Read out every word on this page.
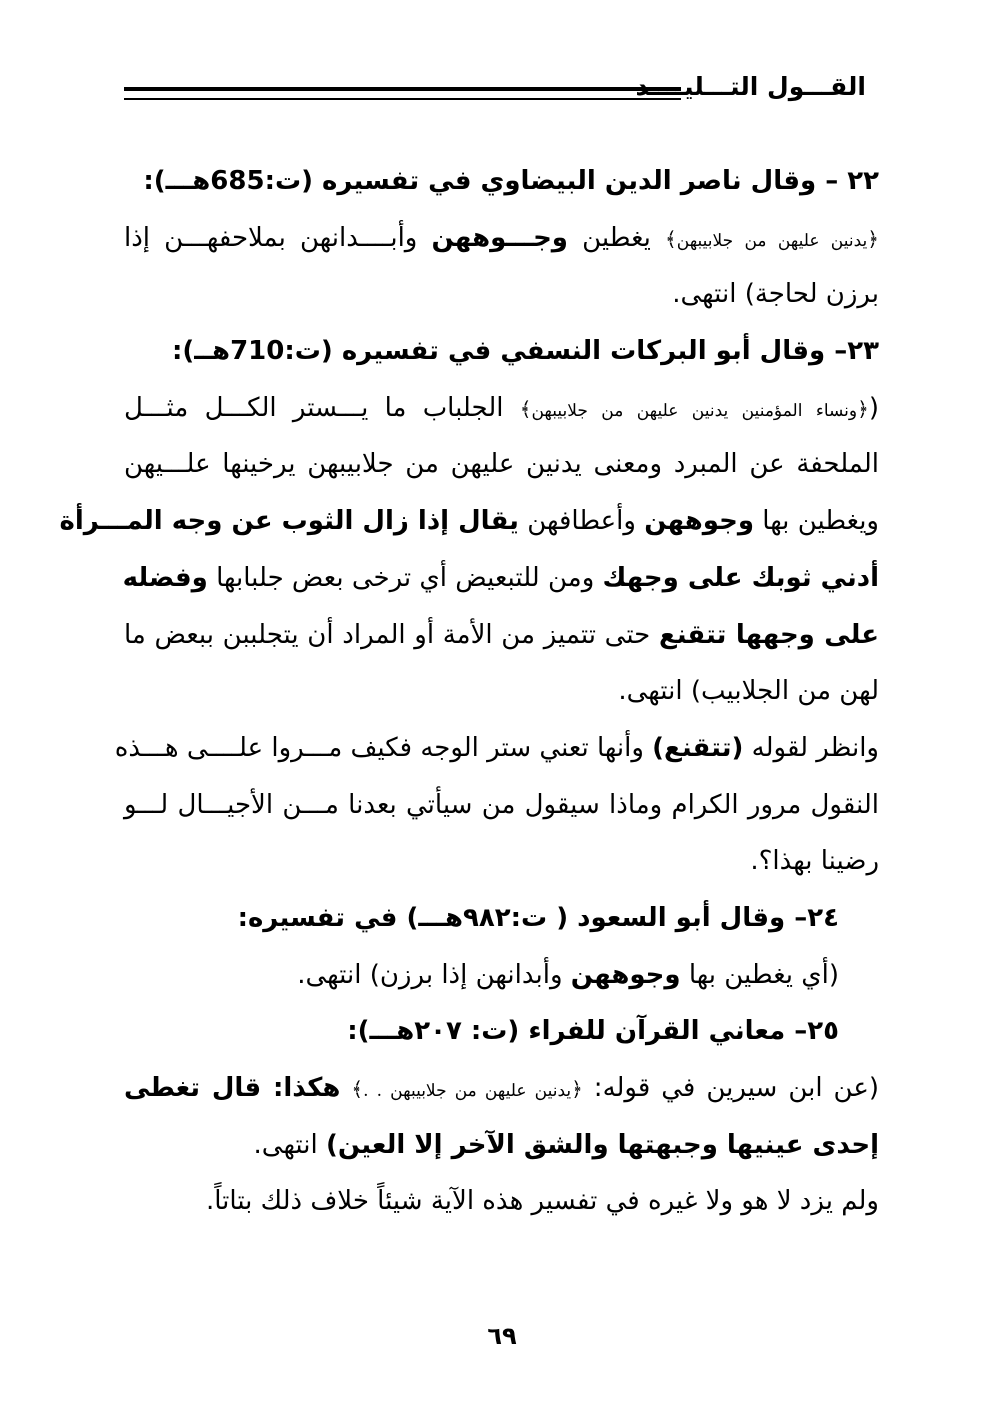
القـــول التـــليــــد
٢٢ – وقال ناصر الدين البيضاوي في تفسيره (ت:685هـــ):
﴿يدنين عليهن من جلابيبهن﴾ يغطين وجـــوههن وأبــــدانهن بملاحفهـــن إذا
برزن لحاجة) انتهى.
٢٣– وقال أبو البركات النسفي في تفسيره (ت:710هــ):
(﴿ونساء المؤمنين يدنين عليهن من جلابيبهن﴾ الجلباب ما يـــستر الكـــل مثـــل
الملحفة عن المبرد ومعنى يدنين عليهن من جلابيبهن يرخينها علـــيهن
ويغطين بها وجوههن وأعطافهن يقال إذا زال الثوب عن وجه المـــرأة
أدني ثوبك على وجهك ومن للتبعيض أي ترخى بعض جلبابها وفضله
على وجهها تتقنع حتى تتميز من الأمة أو المراد أن يتجلببن ببعض ما
لهن من الجلابيب) انتهى.
وانظر لقوله (تتقنع) وأنها تعني ستر الوجه فكيف مـــروا علــــى هـــذه
النقول مرور الكرام وماذا سيقول من سيأتي بعدنا مـــن الأجيـــال لـــو
رضينا بهذا؟.
٢٤– وقال أبو السعود ( ت:٩٨٢هـــ) في تفسيره:
(أي يغطين بها وجوههن وأبدانهن إذا برزن) انتهى.
٢٥– معاني القرآن للفراء (ت: ٢٠٧هـــ):
(عن ابن سيرين في قوله: ﴿يدنين عليهن من جلابيبهن . .﴾ هكذا: قال تغطى
إحدى عينيها وجبهتها والشق الآخر إلا العين) انتهى.
ولم يزد لا هو ولا غيره في تفسير هذه الآية شيئاً خلاف ذلك بتاتاً.
٦٩
